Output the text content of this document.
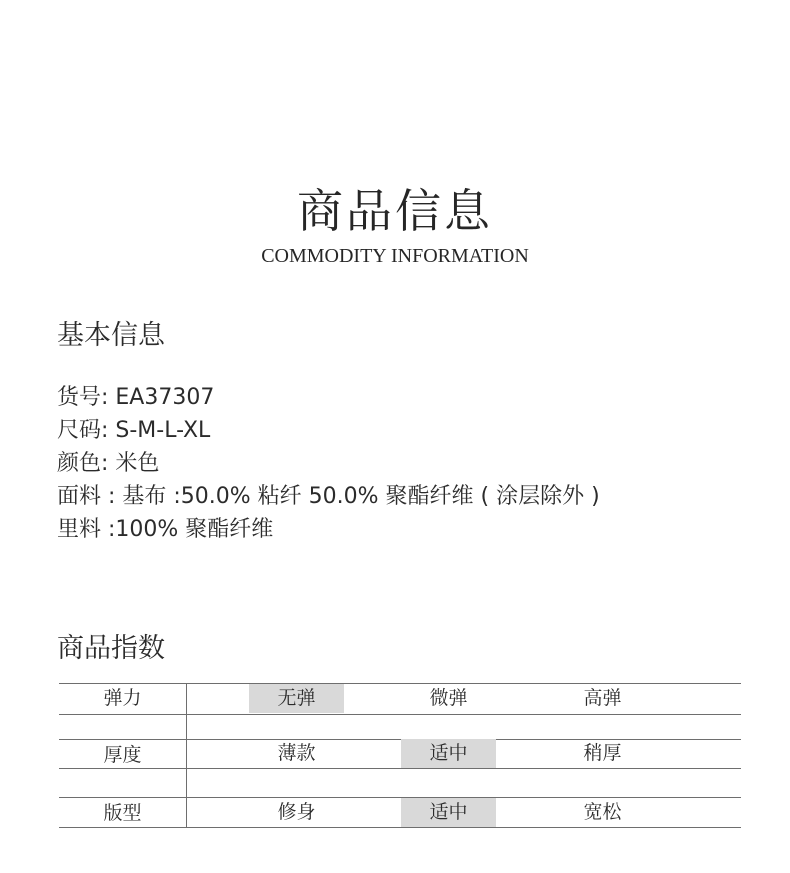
商品信息
COMMODITY INFORMATION
基本信息
货号: EA37307
尺码: S-M-L-XL
颜色: 米色
面料 : 基布 :50.0% 粘纤 50.0% 聚酯纤维 ( 涂层除外 )
里料 :100% 聚酯纤维
商品指数
弹力	无弹	微弹	高弹
厚度	薄款	适中	稍厚
版型	修身	适中	宽松
